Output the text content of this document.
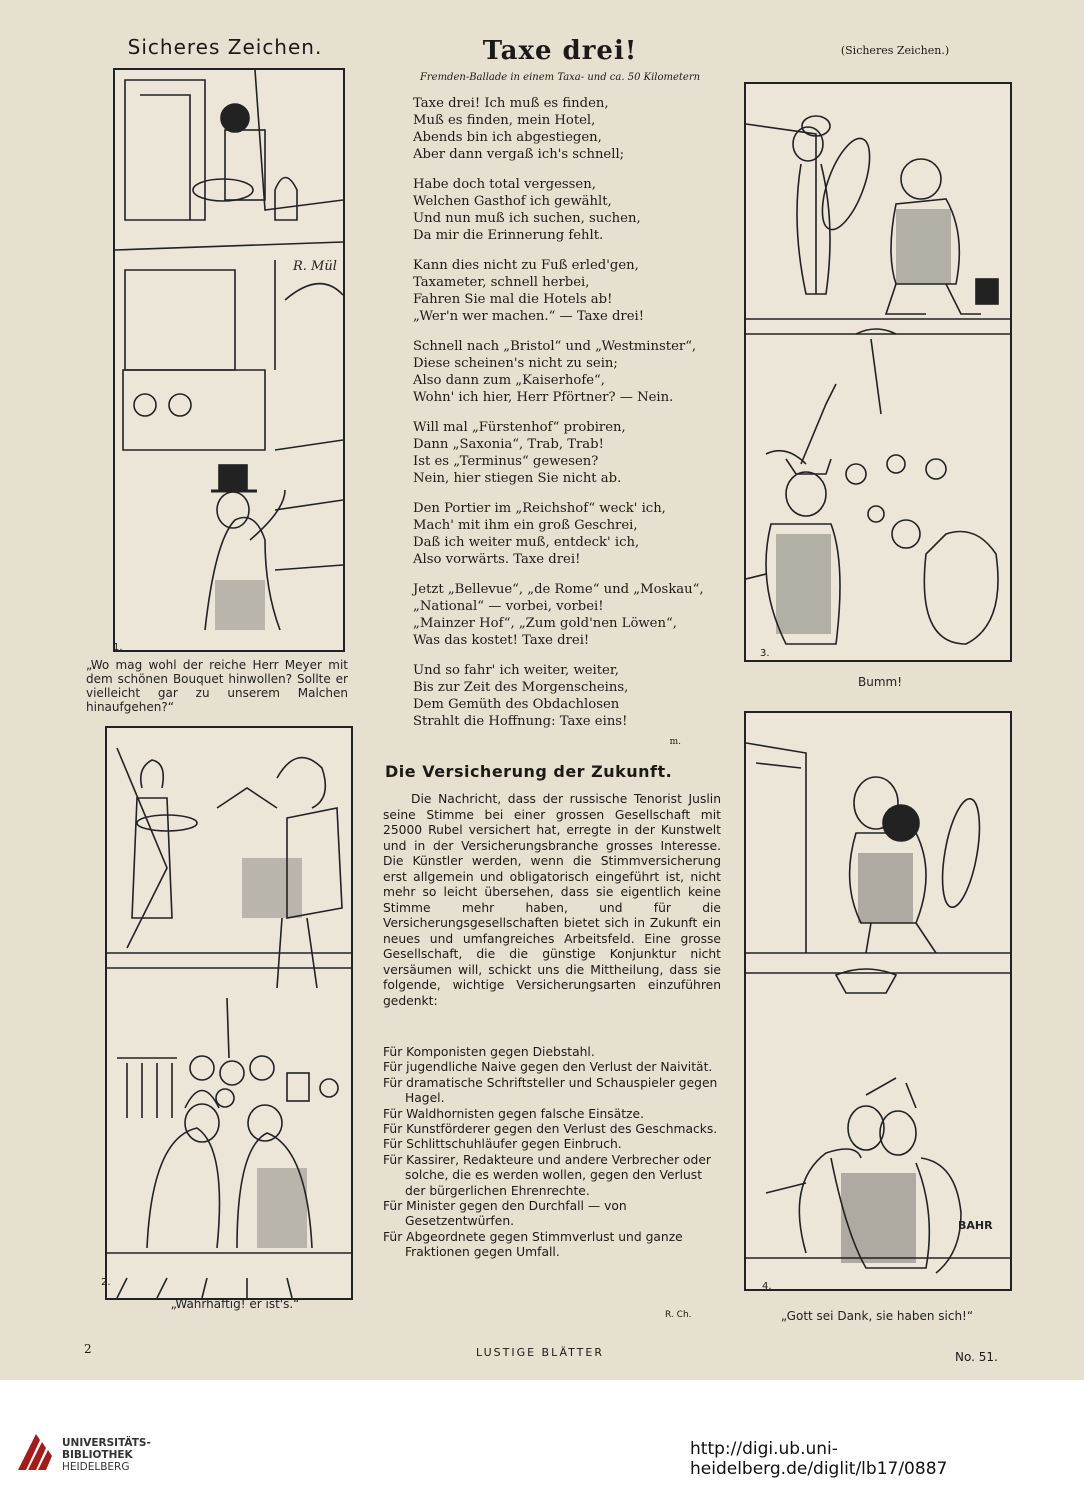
Sicheres Zeichen.	Taxe drei!	(Sicheres Zeichen.)
Fremden-Ballade in einem Taxa- und ca. 50 Kilometern
R. Mül
1.
„Wo mag wohl der reiche Herr Meyer mit dem schönen Bouquet hinwollen? Sollte er vielleicht gar zu unserem Malchen hinaufgehen?“
2.
„Wahrhaftig! er ist's.“
3.
Bumm!
BAHR
4.
„Gott sei Dank, sie haben sich!“
Taxe drei! Ich muß es finden,
Muß es finden, mein Hotel,
Abends bin ich abgestiegen,
Aber dann vergaß ich's schnell;
Habe doch total vergessen,
Welchen Gasthof ich gewählt,
Und nun muß ich suchen, suchen,
Da mir die Erinnerung fehlt.
Kann dies nicht zu Fuß erled'gen,
Taxameter, schnell herbei,
Fahren Sie mal die Hotels ab!
„Wer'n wer machen.“ — Taxe drei!
Schnell nach „Bristol“ und „Westminster“,
Diese scheinen's nicht zu sein;
Also dann zum „Kaiserhofe“,
Wohn' ich hier, Herr Pförtner? — Nein.
Will mal „Fürstenhof“ probiren,
Dann „Saxonia“, Trab, Trab!
Ist es „Terminus“ gewesen?
Nein, hier stiegen Sie nicht ab.
Den Portier im „Reichshof“ weck' ich,
Mach' mit ihm ein groß Geschrei,
Daß ich weiter muß, entdeck' ich,
Also vorwärts. Taxe drei!
Jetzt „Bellevue“, „de Rome“ und „Moskau“,
„National“ — vorbei, vorbei!
„Mainzer Hof“, „Zum gold'nen Löwen“,
Was das kostet! Taxe drei!
Und so fahr' ich weiter, weiter,
Bis zur Zeit des Morgenscheins,
Dem Gemüth des Obdachlosen
Strahlt die Hoffnung: Taxe eins!
m.
Die Versicherung der Zukunft.
Die Nachricht, dass der russische Tenorist Juslin seine Stimme bei einer grossen Gesellschaft mit 25000 Rubel versichert hat, erregte in der Kunstwelt und in der Versicherungsbranche grosses Interesse. Die Künstler werden, wenn die Stimmversicherung erst allgemein und obligatorisch eingeführt ist, nicht mehr so leicht übersehen, dass sie eigentlich keine Stimme mehr haben, und für die Versicherungsgesellschaften bietet sich in Zukunft ein neues und umfangreiches Arbeitsfeld. Eine grosse Gesellschaft, die die günstige Konjunktur nicht versäumen will, schickt uns die Mittheilung, dass sie folgende, wichtige Versicherungsarten einzuführen gedenkt:
Für Komponisten gegen Diebstahl.
Für jugendliche Naive gegen den Verlust der Naivität.
Für dramatische Schriftsteller und Schauspieler gegen Hagel.
Für Waldhornisten gegen falsche Einsätze.
Für Kunstförderer gegen den Verlust des Geschmacks.
Für Schlittschuhläufer gegen Einbruch.
Für Kassirer, Redakteure und andere Verbrecher oder solche, die es werden wollen, gegen den Verlust der bürgerlichen Ehrenrechte.
Für Minister gegen den Durchfall — von Gesetzentwürfen.
Für Abgeordnete gegen Stimmverlust und ganze Fraktionen gegen Umfall.
R. Ch.
2	LUSTIGE BLÄTTER	No. 51.
UNIVERSITÄTS-
BIBLIOTHEK
HEIDELBERG
http://digi.ub.uni-heidelberg.de/diglit/lb17/0887
